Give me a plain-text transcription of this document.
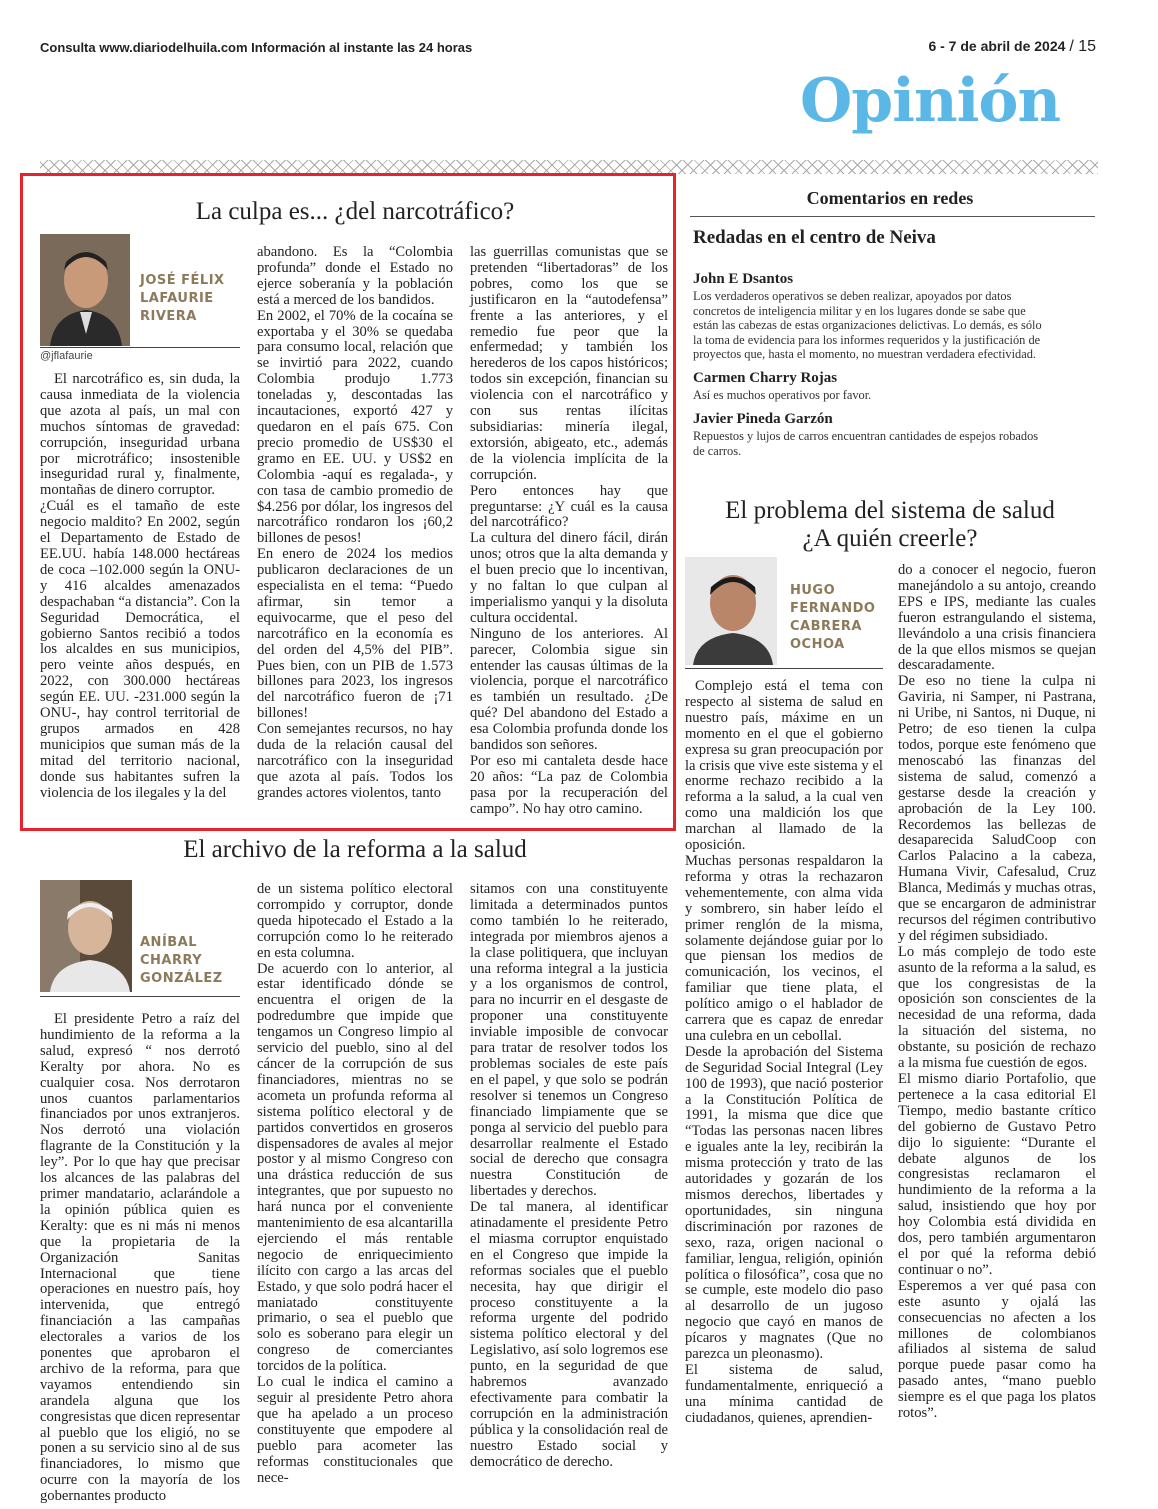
Consulta www.diariodelhuila.com Información al instante las 24 horas	6 - 7 de abril de 2024 / 15
Opinión
La culpa es... ¿del narcotráfico?
JOSÉ FÉLIX
LAFAURIE
RIVERA
@jflafaurie
El narcotráfico es, sin duda, la causa inmediata de la violencia que azota al país, un mal con muchos síntomas de gravedad: corrupción, inseguridad urbana por microtráfico; insostenible inseguridad rural y, finalmente, montañas de dinero corruptor.
¿Cuál es el tamaño de este negocio maldito? En 2002, según el Departamento de Estado de EE.UU. había 148.000 hectáreas de coca –102.000 según la ONU- y 416 alcaldes amenazados despachaban “a distancia”. Con la Seguridad Democrática, el gobierno Santos recibió a todos los alcaldes en sus municipios, pero veinte años después, en 2022, con 300.000 hectáreas según EE. UU. -231.000 según la ONU-, hay control territorial de grupos armados en 428 municipios que suman más de la mitad del territorio nacional, donde sus habitantes sufren la violencia de los ilegales y la del
abandono. Es la “Colombia profunda” donde el Estado no ejerce soberanía y la población está a merced de los bandidos.
En 2002, el 70% de la cocaína se exportaba y el 30% se quedaba para consumo local, relación que se invirtió para 2022, cuando Colombia produjo 1.773 toneladas y, descontadas las incautaciones, exportó 427 y quedaron en el país 675. Con precio promedio de US$30 el gramo en EE. UU. y US$2 en Colombia -aquí es regalada-, y con tasa de cambio promedio de $4.256 por dólar, los ingresos del narcotráfico rondaron los ¡60,2 billones de pesos!
En enero de 2024 los medios publicaron declaraciones de un especialista en el tema: “Puedo afirmar, sin temor a equivocarme, que el peso del narcotráfico en la economía es del orden del 4,5% del PIB”. Pues bien, con un PIB de 1.573 billones para 2023, los ingresos del narcotráfico fueron de ¡71 billones!
Con semejantes recursos, no hay duda de la relación causal del narcotráfico con la inseguridad que azota al país. Todos los grandes actores violentos, tanto
las guerrillas comunistas que se pretenden “libertadoras” de los pobres, como los que se justificaron en la “autodefensa” frente a las anteriores, y el remedio fue peor que la enfermedad; y también los herederos de los capos históricos; todos sin excepción, financian su violencia con el narcotráfico y con sus rentas ilícitas subsidiarias: minería ilegal, extorsión, abigeato, etc., además de la violencia implícita de la corrupción.
Pero entonces hay que preguntarse: ¿Y cuál es la causa del narcotráfico?
La cultura del dinero fácil, dirán unos; otros que la alta demanda y el buen precio que lo incentivan, y no faltan lo que culpan al imperialismo yanqui y la disoluta cultura occidental.
Ninguno de los anteriores. Al parecer, Colombia sigue sin entender las causas últimas de la violencia, porque el narcotráfico es también un resultado. ¿De qué? Del abandono del Estado a esa Colombia profunda donde los bandidos son señores.
Por eso mi cantaleta desde hace 20 años: “La paz de Colombia pasa por la recuperación del campo”. No hay otro camino.
Comentarios en redes
Redadas en el centro de Neiva
John E Dsantos
Los verdaderos operativos se deben realizar, apoyados por datos
concretos de inteligencia militar y en los lugares donde se sabe que
están las cabezas de estas organizaciones delictivas. Lo demás, es sólo
la toma de evidencia para los informes requeridos y la justificación de
proyectos que, hasta el momento, no muestran verdadera efectividad.
Carmen Charry Rojas
Así es muchos operativos por favor.
Javier Pineda Garzón
Repuestos y lujos de carros encuentran cantidades de espejos robados
de carros.
El problema del sistema de salud
¿A quién creerle?
HUGO
FERNANDO
CABRERA
OCHOA
Complejo está el tema con respecto al sistema de salud en nuestro país, máxime en un momento en el que el gobierno expresa su gran preocupación por la crisis que vive este sistema y el enorme rechazo recibido a la reforma a la salud, a la cual ven como una maldición los que marchan al llamado de la oposición.
Muchas personas respaldaron la reforma y otras la rechazaron vehementemente, con alma vida y sombrero, sin haber leído el primer renglón de la misma, solamente dejándose guiar por lo que piensan los medios de comunicación, los vecinos, el familiar que tiene plata, el político amigo o el hablador de carrera que es capaz de enredar una culebra en un cebollal.
Desde la aprobación del Sistema de Seguridad Social Integral (Ley 100 de 1993), que nació posterior a la Constitución Política de 1991, la misma que dice que “Todas las personas nacen libres e iguales ante la ley, recibirán la misma protección y trato de las autoridades y gozarán de los mismos derechos, libertades y oportunidades, sin ninguna discriminación por razones de sexo, raza, origen nacional o familiar, lengua, religión, opinión política o filosófica”, cosa que no se cumple, este modelo dio paso al desarrollo de un jugoso negocio que cayó en manos de pícaros y magnates (Que no parezca un pleonasmo).
El sistema de salud, fundamentalmente, enriqueció a una mínima cantidad de ciudadanos, quienes, aprendien-
do a conocer el negocio, fueron manejándolo a su antojo, creando EPS e IPS, mediante las cuales fueron estrangulando el sistema, llevándolo a una crisis financiera de la que ellos mismos se quejan descaradamente.
De eso no tiene la culpa ni Gaviria, ni Samper, ni Pastrana, ni Uribe, ni Santos, ni Duque, ni Petro; de eso tienen la culpa todos, porque este fenómeno que menoscabó las finanzas del sistema de salud, comenzó a gestarse desde la creación y aprobación de la Ley 100. Recordemos las bellezas de desaparecida SaludCoop con Carlos Palacino a la cabeza, Humana Vivir, Cafesalud, Cruz Blanca, Medimás y muchas otras, que se encargaron de administrar recursos del régimen contributivo y del régimen subsidiado.
Lo más complejo de todo este asunto de la reforma a la salud, es que los congresistas de la oposición son conscientes de la necesidad de una reforma, dada la situación del sistema, no obstante, su posición de rechazo a la misma fue cuestión de egos.
El mismo diario Portafolio, que pertenece a la casa editorial El Tiempo, medio bastante crítico del gobierno de Gustavo Petro dijo lo siguiente: “Durante el debate algunos de los congresistas reclamaron el hundimiento de la reforma a la salud, insistiendo que hoy por hoy Colombia está dividida en dos, pero también argumentaron el por qué la reforma debió continuar o no”.
Esperemos a ver qué pasa con este asunto y ojalá las consecuencias no afecten a los millones de colombianos afiliados al sistema de salud porque puede pasar como ha pasado antes, “mano pueblo siempre es el que paga los platos rotos”.
El archivo de la reforma a la salud
ANÍBAL
CHARRY
GONZÁLEZ
El presidente Petro a raíz del hundimiento de la reforma a la salud, expresó “ nos derrotó Keralty por ahora. No es cualquier cosa. Nos derrotaron unos cuantos parlamentarios financiados por unos extranjeros. Nos derrotó una violación flagrante de la Constitución y la ley”. Por lo que hay que precisar los alcances de las palabras del primer mandatario, aclarándole a la opinión pública quien es Keralty: que es ni más ni menos que la propietaria de la Organización Sanitas Internacional que tiene operaciones en nuestro país, hoy intervenida, que entregó financiación a las campañas electorales a varios de los ponentes que aprobaron el archivo de la reforma, para que vayamos entendiendo sin arandela alguna que los congresistas que dicen representar al pueblo que los eligió, no se ponen a su servicio sino al de sus financiadores, lo mismo que ocurre con la mayoría de los gobernantes producto
de un sistema político electoral corrompido y corruptor, donde queda hipotecado el Estado a la corrupción como lo he reiterado en esta columna.
De acuerdo con lo anterior, al estar identificado dónde se encuentra el origen de la podredumbre que impide que tengamos un Congreso limpio al servicio del pueblo, sino al del cáncer de la corrupción de sus financiadores, mientras no se acometa un profunda reforma al sistema político electoral y de partidos convertidos en groseros dispensadores de avales al mejor postor y al mismo Congreso con una drástica reducción de sus integrantes, que por supuesto no hará nunca por el conveniente mantenimiento de esa alcantarilla ejerciendo el más rentable negocio de enriquecimiento ilícito con cargo a las arcas del Estado, y que solo podrá hacer el maniatado constituyente primario, o sea el pueblo que solo es soberano para elegir un congreso de comerciantes torcidos de la política.
Lo cual le indica el camino a seguir al presidente Petro ahora que ha apelado a un proceso constituyente que empodere al pueblo para acometer las reformas constitucionales que nece-
sitamos con una constituyente limitada a determinados puntos como también lo he reiterado, integrada por miembros ajenos a la clase politiquera, que incluyan una reforma integral a la justicia y a los organismos de control, para no incurrir en el desgaste de proponer una constituyente inviable imposible de convocar para tratar de resolver todos los problemas sociales de este país en el papel, y que solo se podrán resolver si tenemos un Congreso financiado limpiamente que se ponga al servicio del pueblo para desarrollar realmente el Estado social de derecho que consagra nuestra Constitución de libertades y derechos.
De tal manera, al identificar atinadamente el presidente Petro el miasma corruptor enquistado en el Congreso que impide la reformas sociales que el pueblo necesita, hay que dirigir el proceso constituyente a la reforma urgente del podrido sistema político electoral y del Legislativo, así solo logremos ese punto, en la seguridad de que habremos avanzado efectivamente para combatir la corrupción en la administración pública y la consolidación real de nuestro Estado social y democrático de derecho.
